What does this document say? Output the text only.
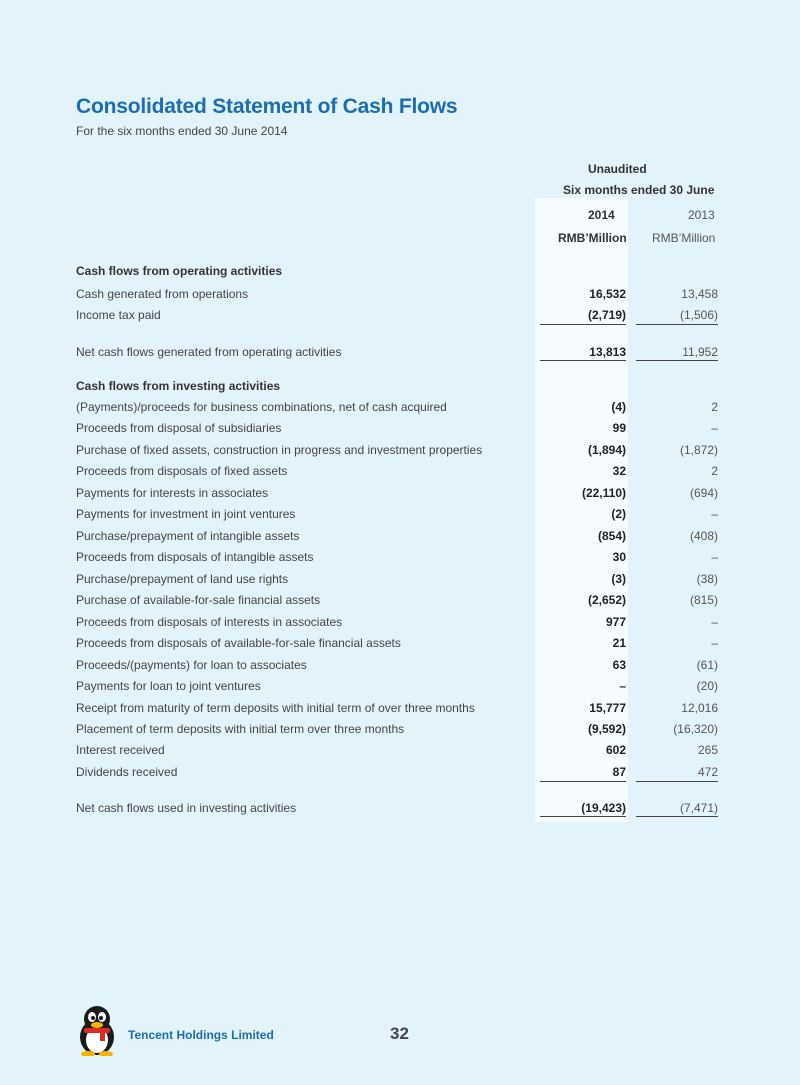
Consolidated Statement of Cash Flows
For the six months ended 30 June 2014
Unaudited
Six months ended 30 June
2014	2013
RMB’Million RMB’Million
Cash flows from operating activities
Cash generated from operations	16,532	13,458
Income tax paid	(2,719)	(1,506)
Net cash flows generated from operating activities	13,813	11,952
Cash flows from investing activities
(Payments)/proceeds for business combinations, net of cash acquired	(4)	2
Proceeds from disposal of subsidiaries	99	–
Purchase of fixed assets, construction in progress and investment properties	(1,894)	(1,872)
Proceeds from disposals of fixed assets	32	2
Payments for interests in associates	(22,110)	(694)
Payments for investment in joint ventures	(2)	–
Purchase/prepayment of intangible assets	(854)	(408)
Proceeds from disposals of intangible assets	30	–
Purchase/prepayment of land use rights	(3)	(38)
Purchase of available-for-sale financial assets	(2,652)	(815)
Proceeds from disposals of interests in associates	977	–
Proceeds from disposals of available-for-sale financial assets	21	–
Proceeds/(payments) for loan to associates	63	(61)
Payments for loan to joint ventures	–	(20)
Receipt from maturity of term deposits with initial term of over three months	15,777	12,016
Placement of term deposits with initial term over three months	(9,592)	(16,320)
Interest received	602	265
Dividends received	87	472
Net cash flows used in investing activities	(19,423)	(7,471)
Tencent Holdings Limited	32
